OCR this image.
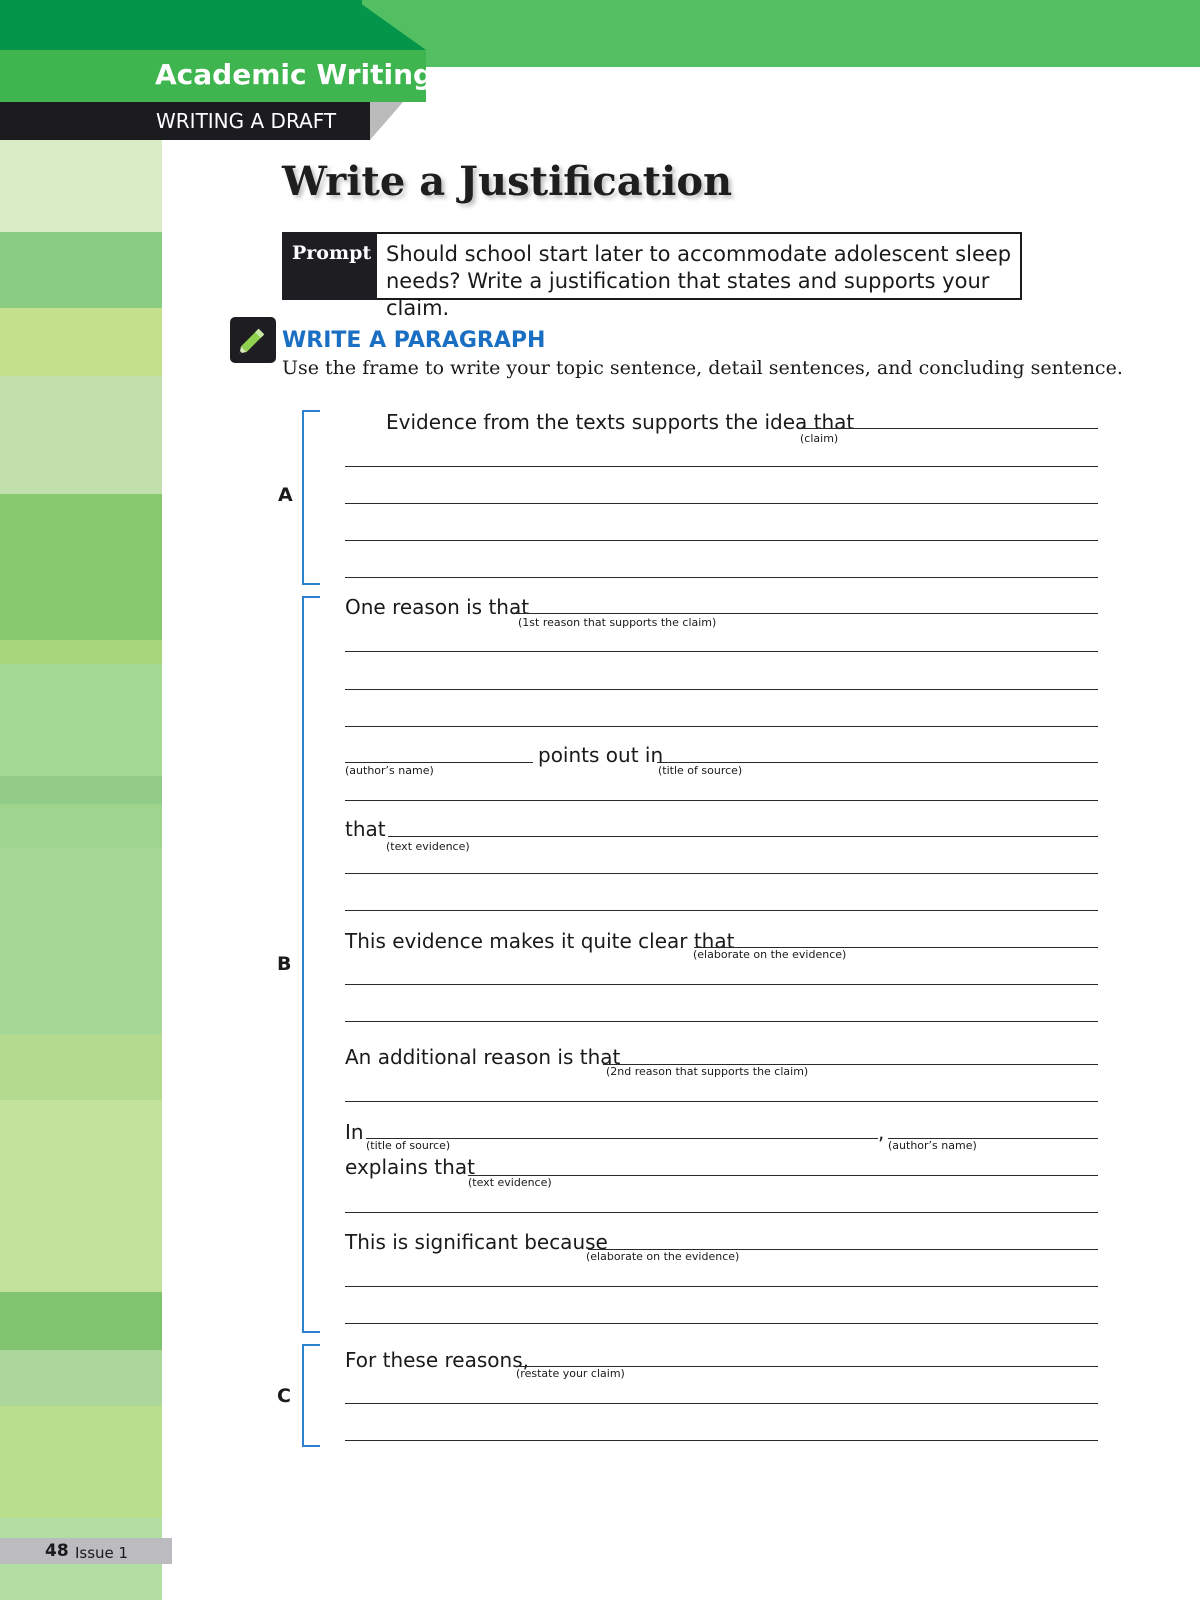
Academic Writing
WRITING A DRAFT
48 Issue 1
Write a Justification
Prompt Should school start later to accommodate adolescent sleep needs? Write a justification that states and supports your claim.
WRITE A PARAGRAPH
Use the frame to write your topic sentence, detail sentences, and concluding sentence.
A
B
C
Evidence from the texts supports the idea that
(claim)
One reason is that
(1st reason that supports the claim)
(author’s name)
points out in
(title of source)
that
(text evidence)
This evidence makes it quite clear that
(elaborate on the evidence)
An additional reason is that
(2nd reason that supports the claim)
In
(title of source)
,
(author’s name)
explains that
(text evidence)
This is significant because
(elaborate on the evidence)
For these reasons,
(restate your claim)
